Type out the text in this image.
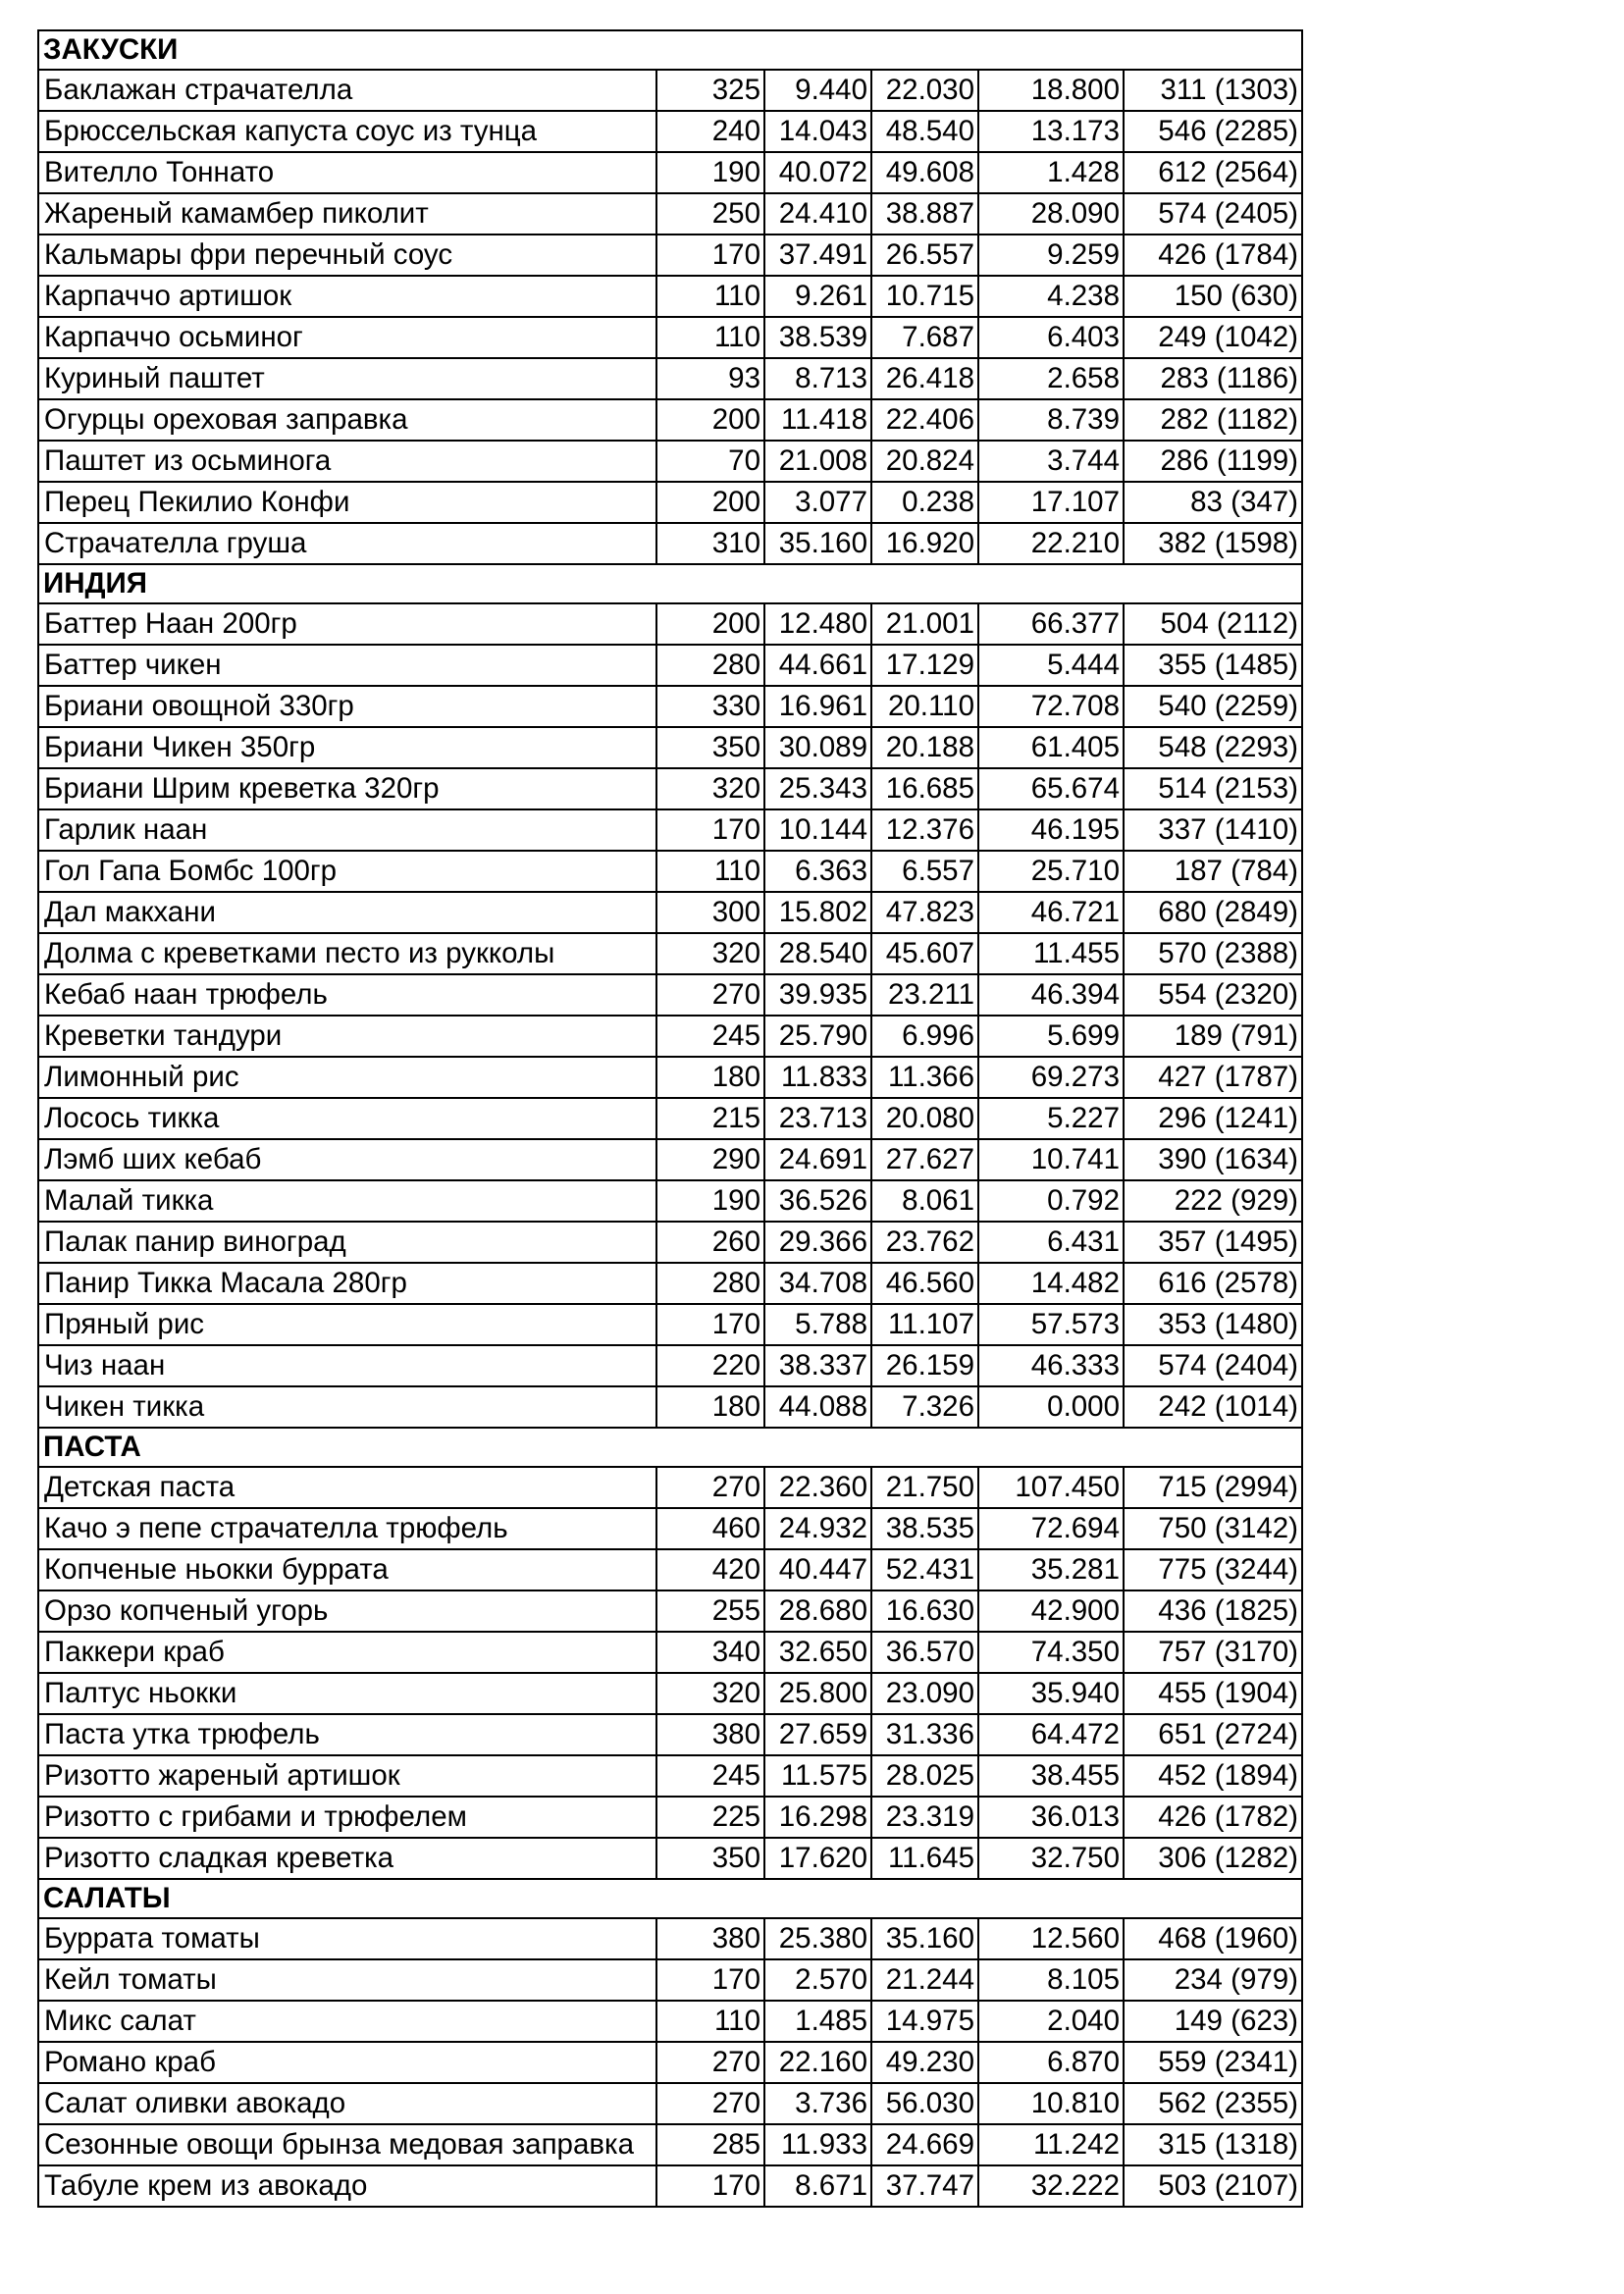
ЗАКУСКИ					
Баклажан страчателла	325	9.440	22.030	18.800	311 (1303)
Брюссельская капуста соус из тунца	240	14.043	48.540	13.173	546 (2285)
Вителло Тоннато	190	40.072	49.608	1.428	612 (2564)
Жареный камамбер пиколит	250	24.410	38.887	28.090	574 (2405)
Кальмары фри перечный соус	170	37.491	26.557	9.259	426 (1784)
Карпаччо артишок	110	9.261	10.715	4.238	150 (630)
Карпаччо осьминог	110	38.539	7.687	6.403	249 (1042)
Куриный паштет	93	8.713	26.418	2.658	283 (1186)
Огурцы ореховая заправка	200	11.418	22.406	8.739	282 (1182)
Паштет из осьминога	70	21.008	20.824	3.744	286 (1199)
Перец Пекилио Конфи	200	3.077	0.238	17.107	83 (347)
Страчателла груша	310	35.160	16.920	22.210	382 (1598)
ИНДИЯ					
Баттер Наан 200гр	200	12.480	21.001	66.377	504 (2112)
Баттер чикен	280	44.661	17.129	5.444	355 (1485)
Бриани овощной 330гр	330	16.961	20.110	72.708	540 (2259)
Бриани Чикен 350гр	350	30.089	20.188	61.405	548 (2293)
Бриани Шрим креветка 320гр	320	25.343	16.685	65.674	514 (2153)
Гарлик наан	170	10.144	12.376	46.195	337 (1410)
Гол Гапа Бомбс 100гр	110	6.363	6.557	25.710	187 (784)
Дал макхани	300	15.802	47.823	46.721	680 (2849)
Долма с креветками песто из рукколы	320	28.540	45.607	11.455	570 (2388)
Кебаб наан трюфель	270	39.935	23.211	46.394	554 (2320)
Креветки тандури	245	25.790	6.996	5.699	189 (791)
Лимонный рис	180	11.833	11.366	69.273	427 (1787)
Лосось тикка	215	23.713	20.080	5.227	296 (1241)
Лэмб ших кебаб	290	24.691	27.627	10.741	390 (1634)
Малай тикка	190	36.526	8.061	0.792	222 (929)
Палак панир виноград	260	29.366	23.762	6.431	357 (1495)
Панир Тикка Масала 280гр	280	34.708	46.560	14.482	616 (2578)
Пряный рис	170	5.788	11.107	57.573	353 (1480)
Чиз наан	220	38.337	26.159	46.333	574 (2404)
Чикен тикка	180	44.088	7.326	0.000	242 (1014)
ПАСТА					
Детская паста	270	22.360	21.750	107.450	715 (2994)
Качо э пепе страчателла трюфель	460	24.932	38.535	72.694	750 (3142)
Копченые ньокки буррата	420	40.447	52.431	35.281	775 (3244)
Орзо копченый угорь	255	28.680	16.630	42.900	436 (1825)
Паккери краб	340	32.650	36.570	74.350	757 (3170)
Палтус ньокки	320	25.800	23.090	35.940	455 (1904)
Паста утка трюфель	380	27.659	31.336	64.472	651 (2724)
Ризотто жареный артишок	245	11.575	28.025	38.455	452 (1894)
Ризотто с грибами и трюфелем	225	16.298	23.319	36.013	426 (1782)
Ризотто сладкая креветка	350	17.620	11.645	32.750	306 (1282)
САЛАТЫ					
Буррата томаты	380	25.380	35.160	12.560	468 (1960)
Кейл томаты	170	2.570	21.244	8.105	234 (979)
Микс салат	110	1.485	14.975	2.040	149 (623)
Романо краб	270	22.160	49.230	6.870	559 (2341)
Салат оливки авокадо	270	3.736	56.030	10.810	562 (2355)
Сезонные овощи брынза медовая заправка	285	11.933	24.669	11.242	315 (1318)
Табуле крем из авокадо	170	8.671	37.747	32.222	503 (2107)
